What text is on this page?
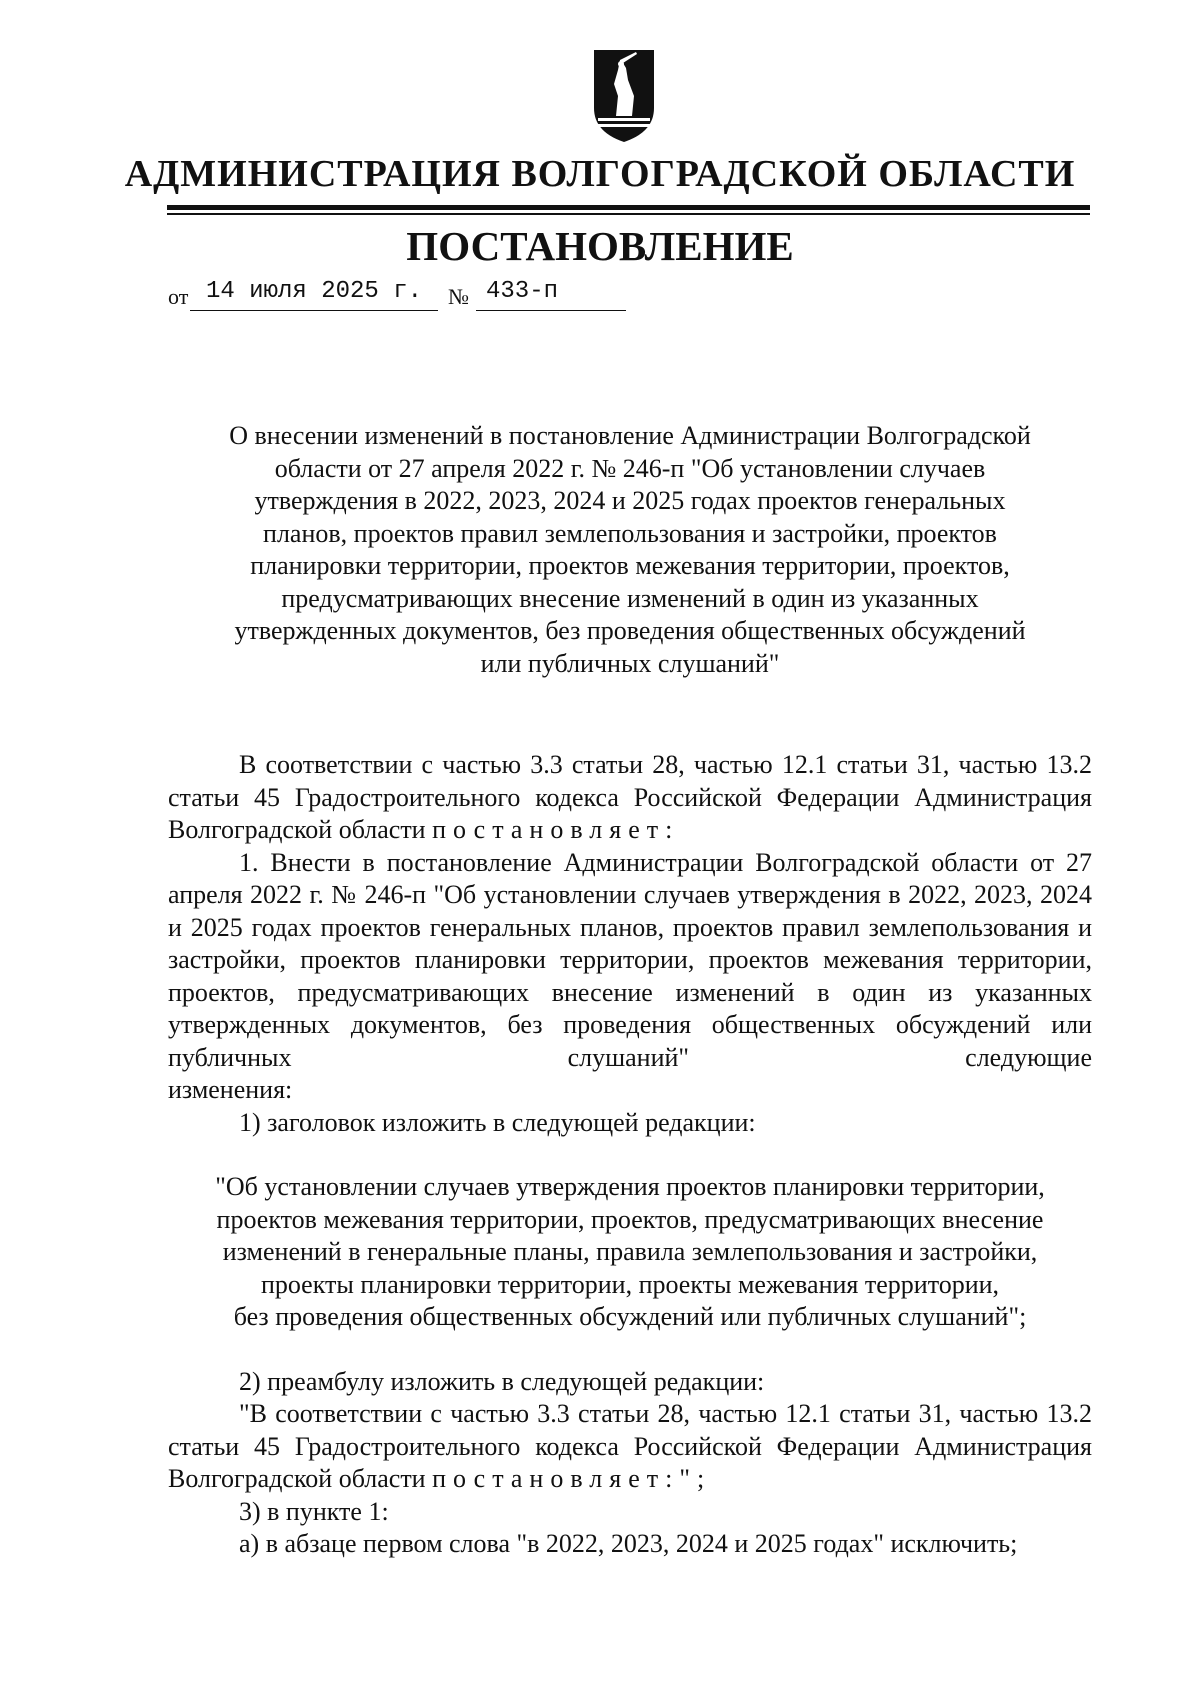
АДМИНИСТРАЦИЯ ВОЛГОГРАДСКОЙ ОБЛАСТИ
ПОСТАНОВЛЕНИЕ
от 14 июля 2025 г.	№ 433-п
О внесении изменений в постановление Администрации Волгоградской
области от 27 апреля 2022 г. № 246-п "Об установлении случаев
утверждения в 2022, 2023, 2024 и 2025 годах проектов генеральных
планов, проектов правил землепользования и застройки, проектов
планировки территории, проектов межевания территории, проектов,
предусматривающих внесение изменений в один из указанных
утвержденных документов, без проведения общественных обсуждений
или публичных слушаний"

В соответствии с частью 3.3 статьи 28, частью 12.1 статьи 31, частью 13.2 статьи 45 Градостроительного кодекса Российской Федерации Администрация Волгоградской области постановляет:

1. Внести в постановление Администрации Волгоградской области от 27 апреля 2022 г. № 246-п "Об установлении случаев утверждения в 2022, 2023, 2024 и 2025 годах проектов генеральных планов, проектов правил землепользования и застройки, проектов планировки территории, проектов межевания территории, проектов, предусматривающих внесение изменений в один из указанных утвержденных документов, без проведения общественных обсуждений или публичных слушаний" следующие

изменения:

1) заголовок изложить в следующей редакции:

"Об установлении случаев утверждения проектов планировки территории,

проектов межевания территории, проектов, предусматривающих внесение

изменений в генеральные планы, правила землепользования и застройки,

проекты планировки территории, проекты межевания территории,

без проведения общественных обсуждений или публичных слушаний";

2) преамбулу изложить в следующей редакции:

"В соответствии с частью 3.3 статьи 28, частью 12.1 статьи 31, частью 13.2 статьи 45 Градостроительного кодекса Российской Федерации Администрация Волгоградской области постановляет:";

3) в пункте 1:

а) в абзаце первом слова "в 2022, 2023, 2024 и 2025 годах" исключить;
